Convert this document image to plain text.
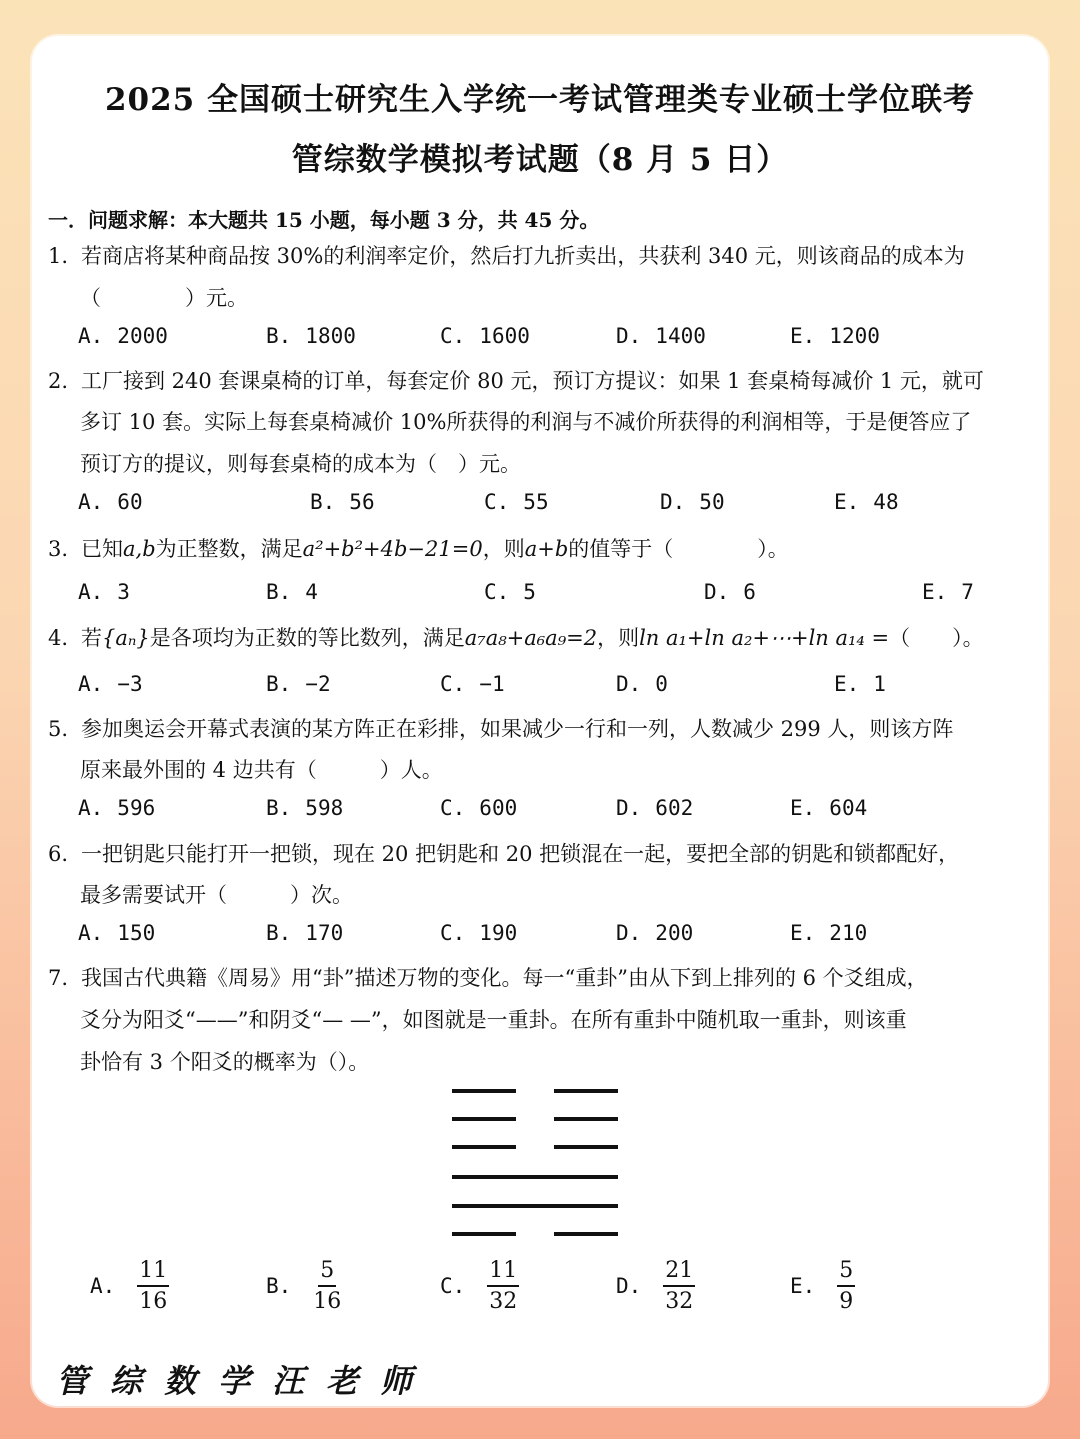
2025 全国硕士研究生入学统一考试管理类专业硕士学位联考
管综数学模拟考试题（8 月 5 日）
一．问题求解：本大题共 15 小题，每小题 3 分，共 45 分。
1. 若商店将某种商品按 30%的利润率定价，然后打九折卖出，共获利 340 元，则该商品的成本为
（　　　　）元。
A. 2000	B. 1800	C. 1600	D. 1400	E. 1200
2. 工厂接到 240 套课桌椅的订单，每套定价 80 元，预订方提议：如果 1 套桌椅每减价 1 元，就可
多订 10 套。实际上每套桌椅减价 10%所获得的利润与不减价所获得的利润相等，于是便答应了
预订方的提议，则每套桌椅的成本为（　）元。
A. 60	B. 56	C. 55	D. 50	E. 48
3. 已知a,b为正整数，满足a²+b²+4b−21=0，则a+b的值等于（　　　　）。
A. 3	B. 4	C. 5	D. 6	E. 7
4. 若{aₙ}是各项均为正数的等比数列，满足a₇a₈+a₆a₉=2，则ln a₁+ln a₂+⋯+ln a₁₄ =（　　）。
A. −3	B. −2	C. −1	D. 0	E. 1
5. 参加奥运会开幕式表演的某方阵正在彩排，如果减少一行和一列，人数减少 299 人，则该方阵
原来最外围的 4 边共有（　　　）人。
A. 596	B. 598	C. 600	D. 602	E. 604
6. 一把钥匙只能打开一把锁，现在 20 把钥匙和 20 把锁混在一起，要把全部的钥匙和锁都配好，
最多需要试开（　　　）次。
A. 150	B. 170	C. 190	D. 200	E. 210
7. 我国古代典籍《周易》用“卦”描述万物的变化。每一“重卦”由从下到上排列的 6 个爻组成，
爻分为阳爻“——”和阴爻“— —”，如图就是一重卦。在所有重卦中随机取一重卦，则该重
卦恰有 3 个阳爻的概率为（）。
A.
11
16
B.
5
16
C.
11
32
D.
21
32
E.
5
9
管综数学汪老师
